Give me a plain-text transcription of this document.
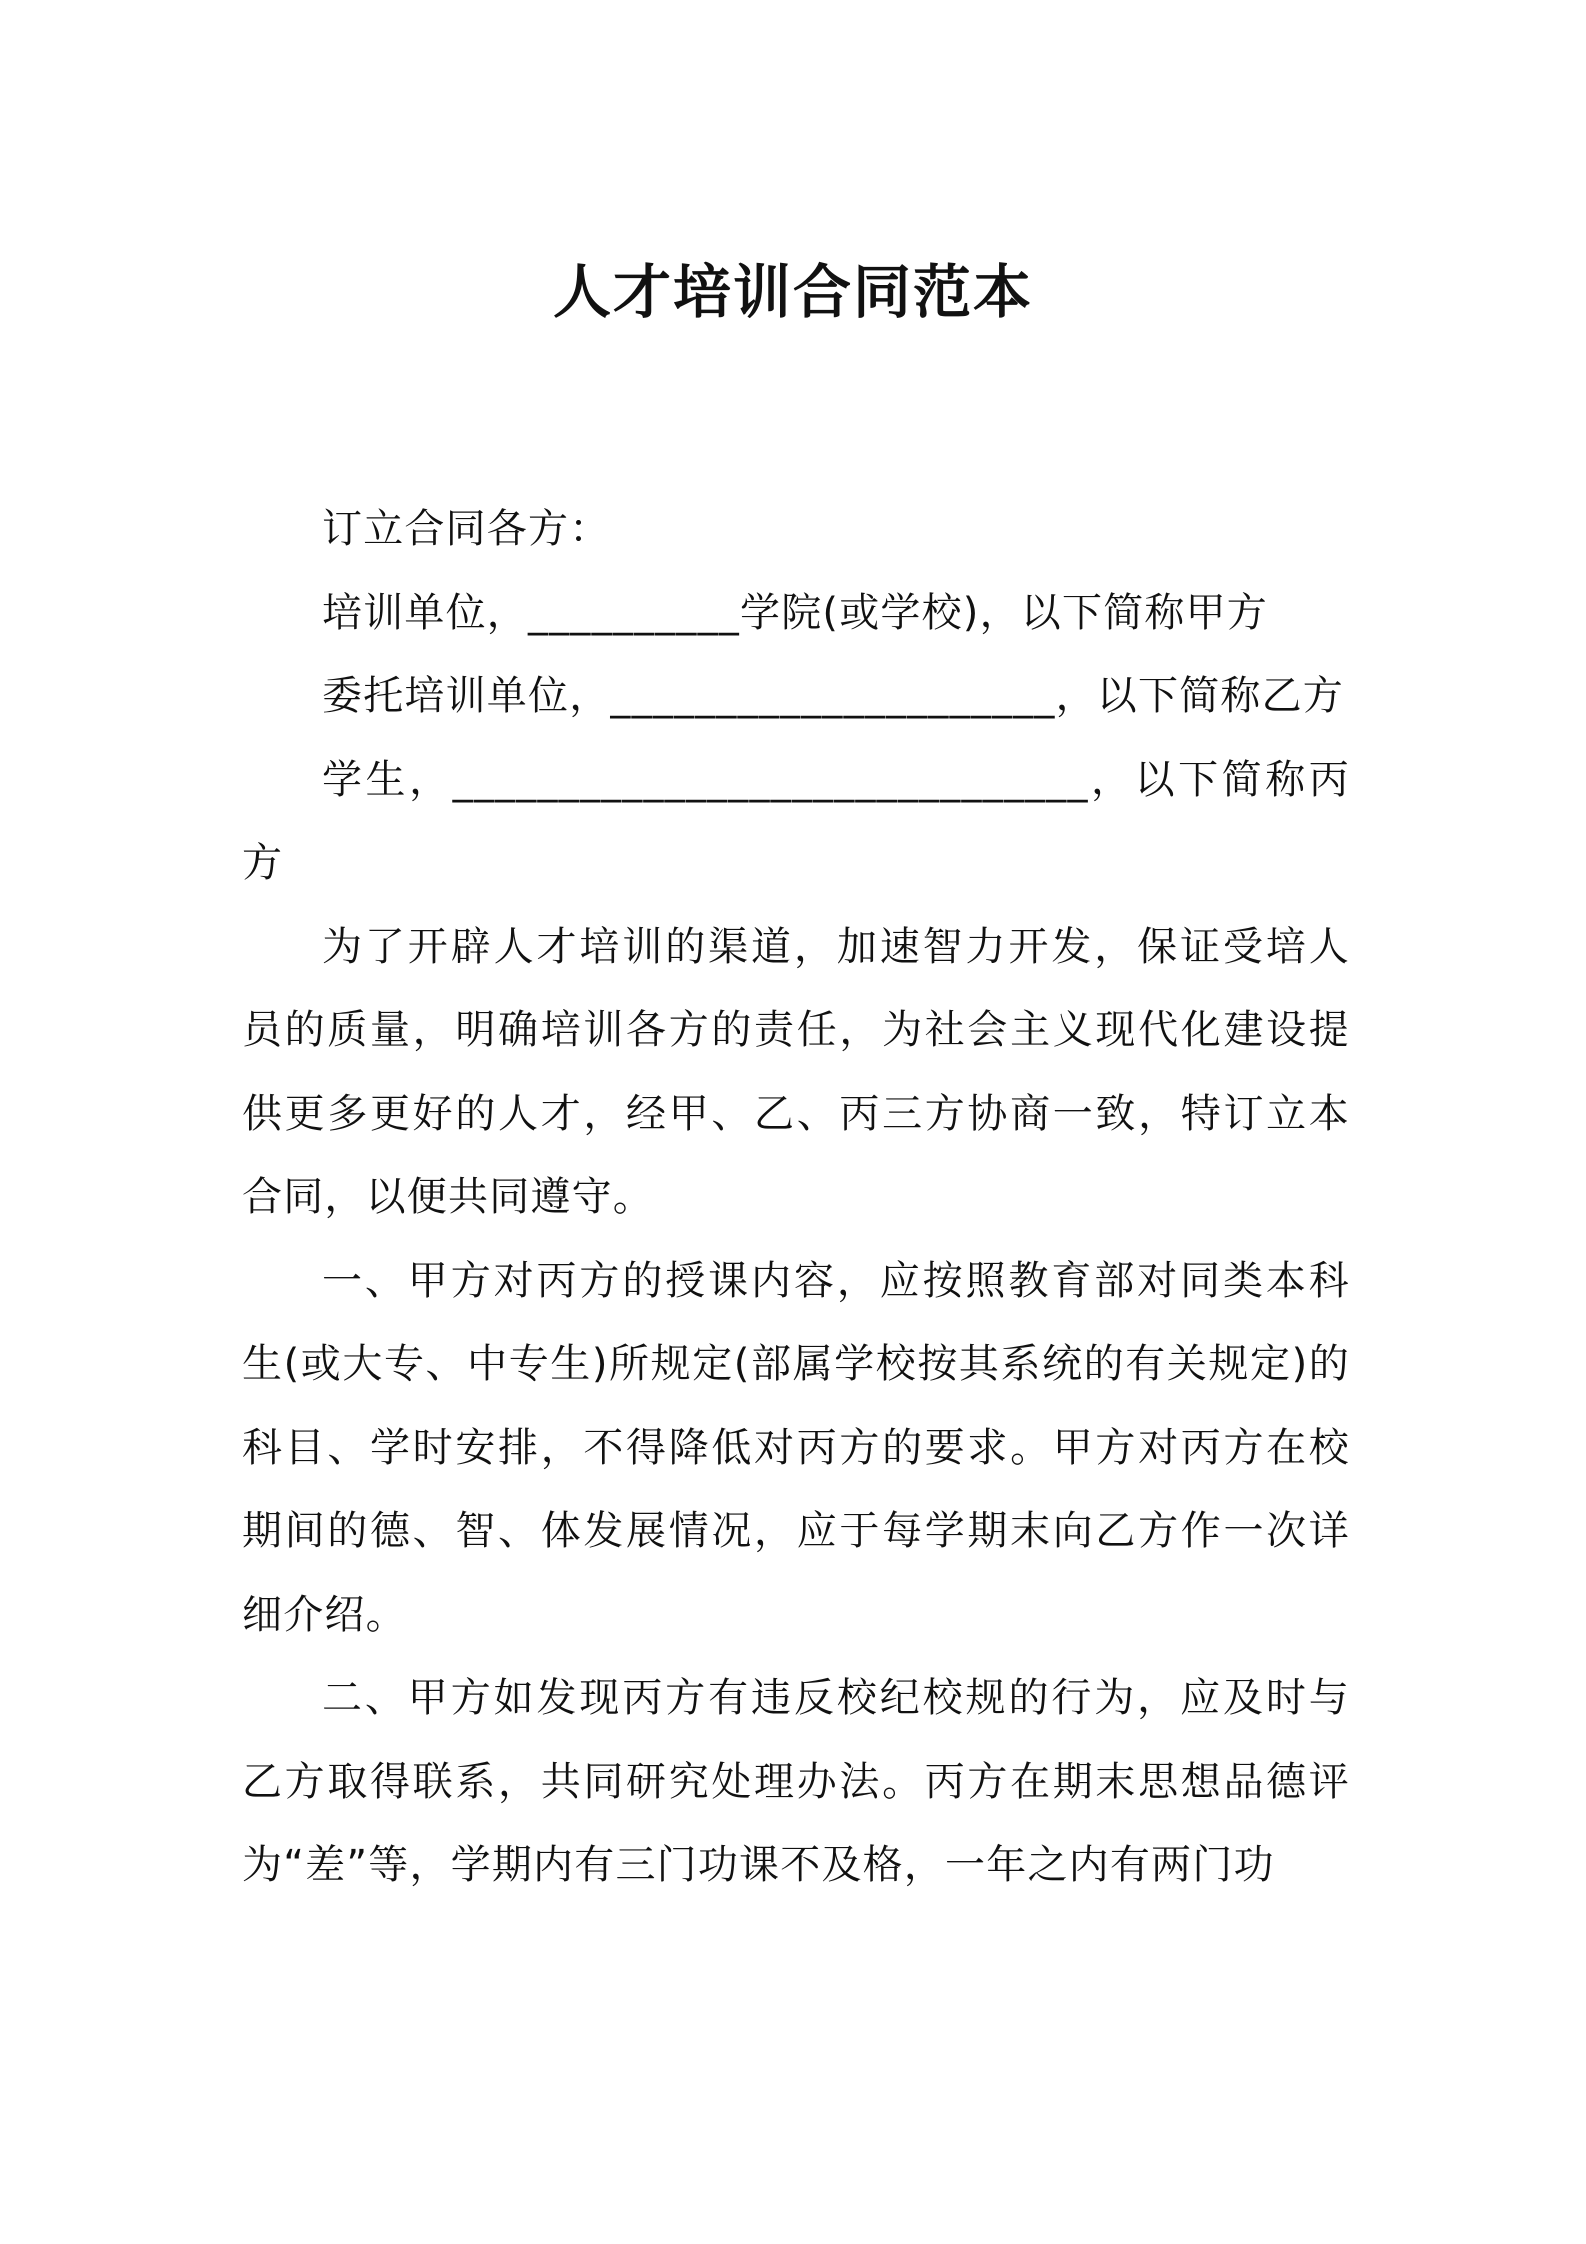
人才培训合同范本

订立合同各方：

培训单位，__________学院(或学校)，以下简称甲方

委托培训单位，_____________________，以下简称乙方

学生，______________________________，以下简称丙方

为了开辟人才培训的渠道，加速智力开发，保证受培人员的质量，明确培训各方的责任，为社会主义现代化建设提供更多更好的人才，经甲、乙、丙三方协商一致，特订立本合同，以便共同遵守。

一、甲方对丙方的授课内容，应按照教育部对同类本科生(或大专、中专生)所规定(部属学校按其系统的有关规定)的科目、学时安排，不得降低对丙方的要求。甲方对丙方在校期间的德、智、体发展情况，应于每学期末向乙方作一次详细介绍。

二、甲方如发现丙方有违反校纪校规的行为，应及时与乙方取得联系，共同研究处理办法。丙方在期末思想品德评为“差”等，学期内有三门功课不及格，一年之内有两门功
